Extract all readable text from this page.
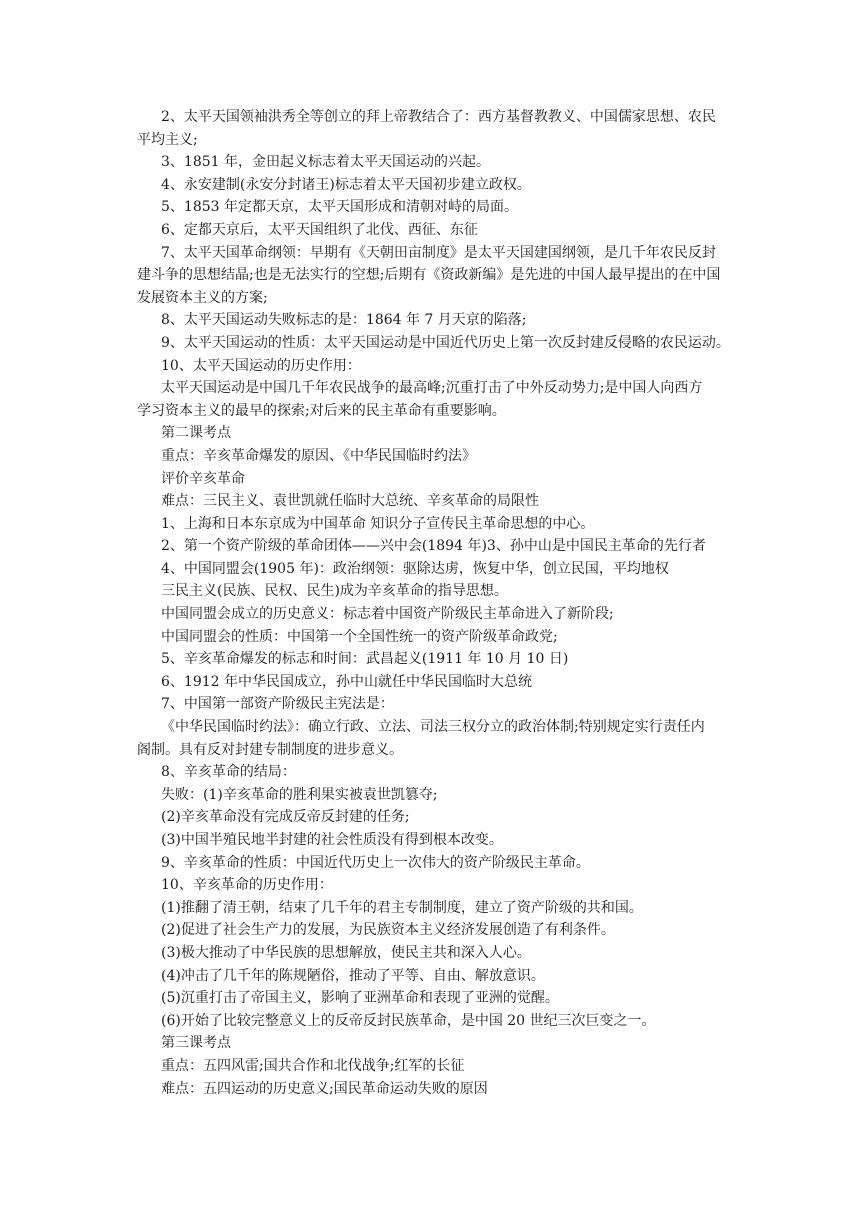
2、太平天国领袖洪秀全等创立的拜上帝教结合了：西方基督教教义、中国儒家思想、农民

平均主义;

3、1851 年，金田起义标志着太平天国运动的兴起。

4、永安建制(永安分封诸王)标志着太平天国初步建立政权。

5、1853 年定都天京，太平天国形成和清朝对峙的局面。

6、定都天京后，太平天国组织了北伐、西征、东征

7、太平天国革命纲领：早期有《天朝田亩制度》是太平天国建国纲领，是几千年农民反封

建斗争的思想结晶;也是无法实行的空想;后期有《资政新编》是先进的中国人最早提出的在中国

发展资本主义的方案;

8、太平天国运动失败标志的是：1864 年 7 月天京的陷落;

9、太平天国运动的性质：太平天国运动是中国近代历史上第一次反封建反侵略的农民运动。

10、太平天国运动的历史作用：

太平天国运动是中国几千年农民战争的最高峰;沉重打击了中外反动势力;是中国人向西方

学习资本主义的最早的探索;对后来的民主革命有重要影响。

第二课考点

重点：辛亥革命爆发的原因、《中华民国临时约法》

评价辛亥革命

难点：三民主义、袁世凯就任临时大总统、辛亥革命的局限性

1、上海和日本东京成为中国革命 知识分子宣传民主革命思想的中心。

2、第一个资产阶级的革命团体——兴中会(1894 年)3、孙中山是中国民主革命的先行者

4、中国同盟会(1905 年)：政治纲领：驱除达虏，恢复中华，创立民国，平均地权

三民主义(民族、民权、民生)成为辛亥革命的指导思想。

中国同盟会成立的历史意义：标志着中国资产阶级民主革命进入了新阶段;

中国同盟会的性质：中国第一个全国性统一的资产阶级革命政党;

5、辛亥革命爆发的标志和时间：武昌起义(1911 年 10 月 10 日)

6、1912 年中华民国成立，孙中山就任中华民国临时大总统

7、中国第一部资产阶级民主宪法是：

《中华民国临时约法》：确立行政、立法、司法三权分立的政治体制;特别规定实行责任内

阁制。具有反对封建专制制度的进步意义。

8、辛亥革命的结局：

失败：(1)辛亥革命的胜利果实被袁世凯篡夺;

(2)辛亥革命没有完成反帝反封建的任务;

(3)中国半殖民地半封建的社会性质没有得到根本改变。

9、辛亥革命的性质：中国近代历史上一次伟大的资产阶级民主革命。

10、辛亥革命的历史作用：

(1)推翻了清王朝，结束了几千年的君主专制制度，建立了资产阶级的共和国。

(2)促进了社会生产力的发展，为民族资本主义经济发展创造了有利条件。

(3)极大推动了中华民族的思想解放，使民主共和深入人心。

(4)冲击了几千年的陈规陋俗，推动了平等、自由、解放意识。

(5)沉重打击了帝国主义，影响了亚洲革命和表现了亚洲的觉醒。

(6)开始了比较完整意义上的反帝反封民族革命，是中国 20 世纪三次巨变之一。

第三课考点

重点：五四风雷;国共合作和北伐战争;红军的长征

难点：五四运动的历史意义;国民革命运动失败的原因
